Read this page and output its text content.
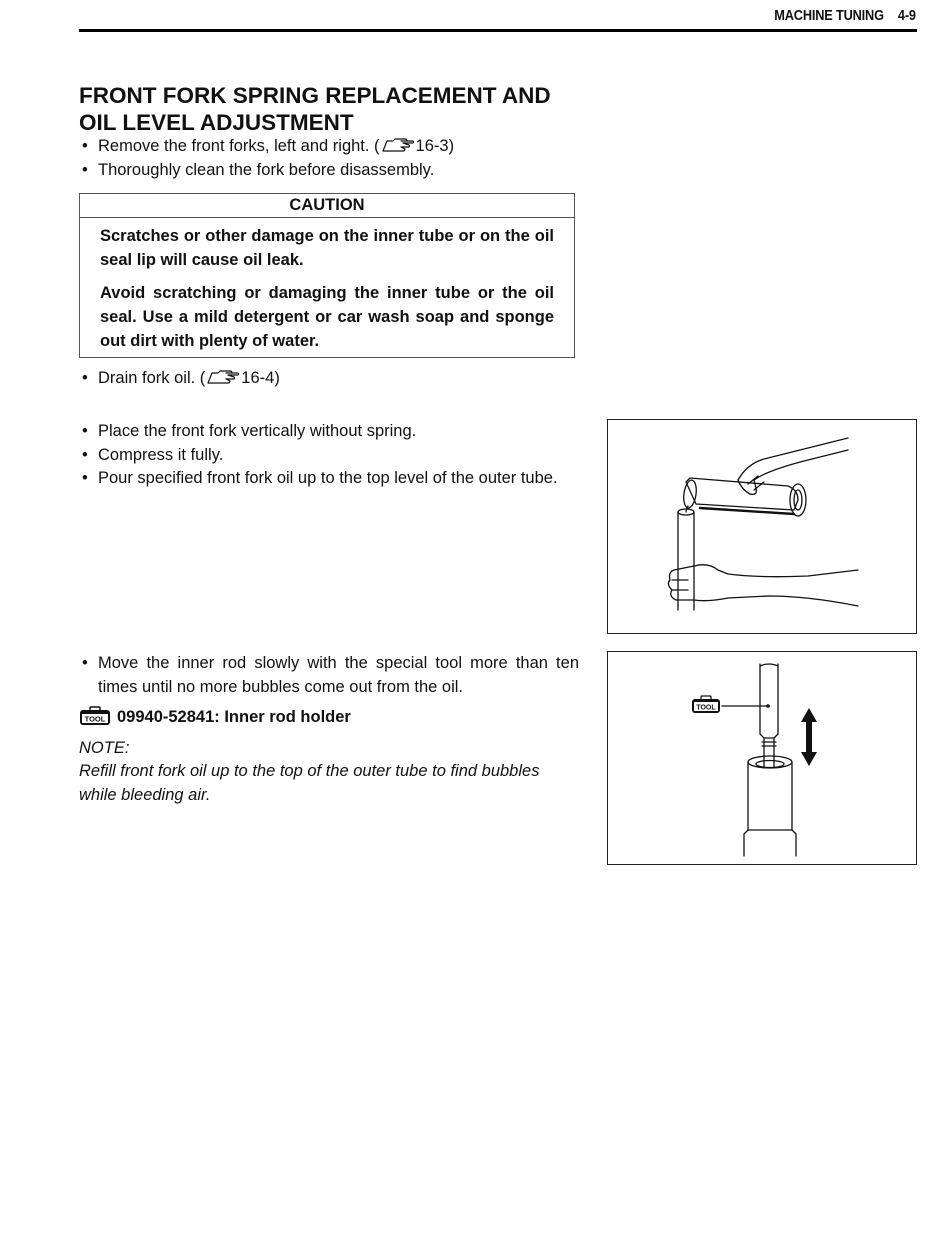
MACHINE TUNING 4-9
FRONT FORK SPRING REPLACEMENT AND
OIL LEVEL ADJUSTMENT
• Remove the front forks, left and right. ( 16-3)
• Thoroughly clean the fork before disassembly.
CAUTION
Scratches or other damage on the inner tube or on the oil seal lip will cause oil leak.
Avoid scratching or damaging the inner tube or the oil seal. Use a mild detergent or car wash soap and sponge out dirt with plenty of water.
• Drain fork oil. ( 16-4)
• Place the front fork vertically without spring.
• Compress it fully.
• Pour specified front fork oil up to the top level of the outer tube.
• Move the inner rod slowly with the special tool more than ten times until no more bubbles come out from the oil.
TOOL 09940-52841: Inner rod holder
NOTE:
Refill front fork oil up to the top of the outer tube to find bubbles while bleeding air.
TOOL
